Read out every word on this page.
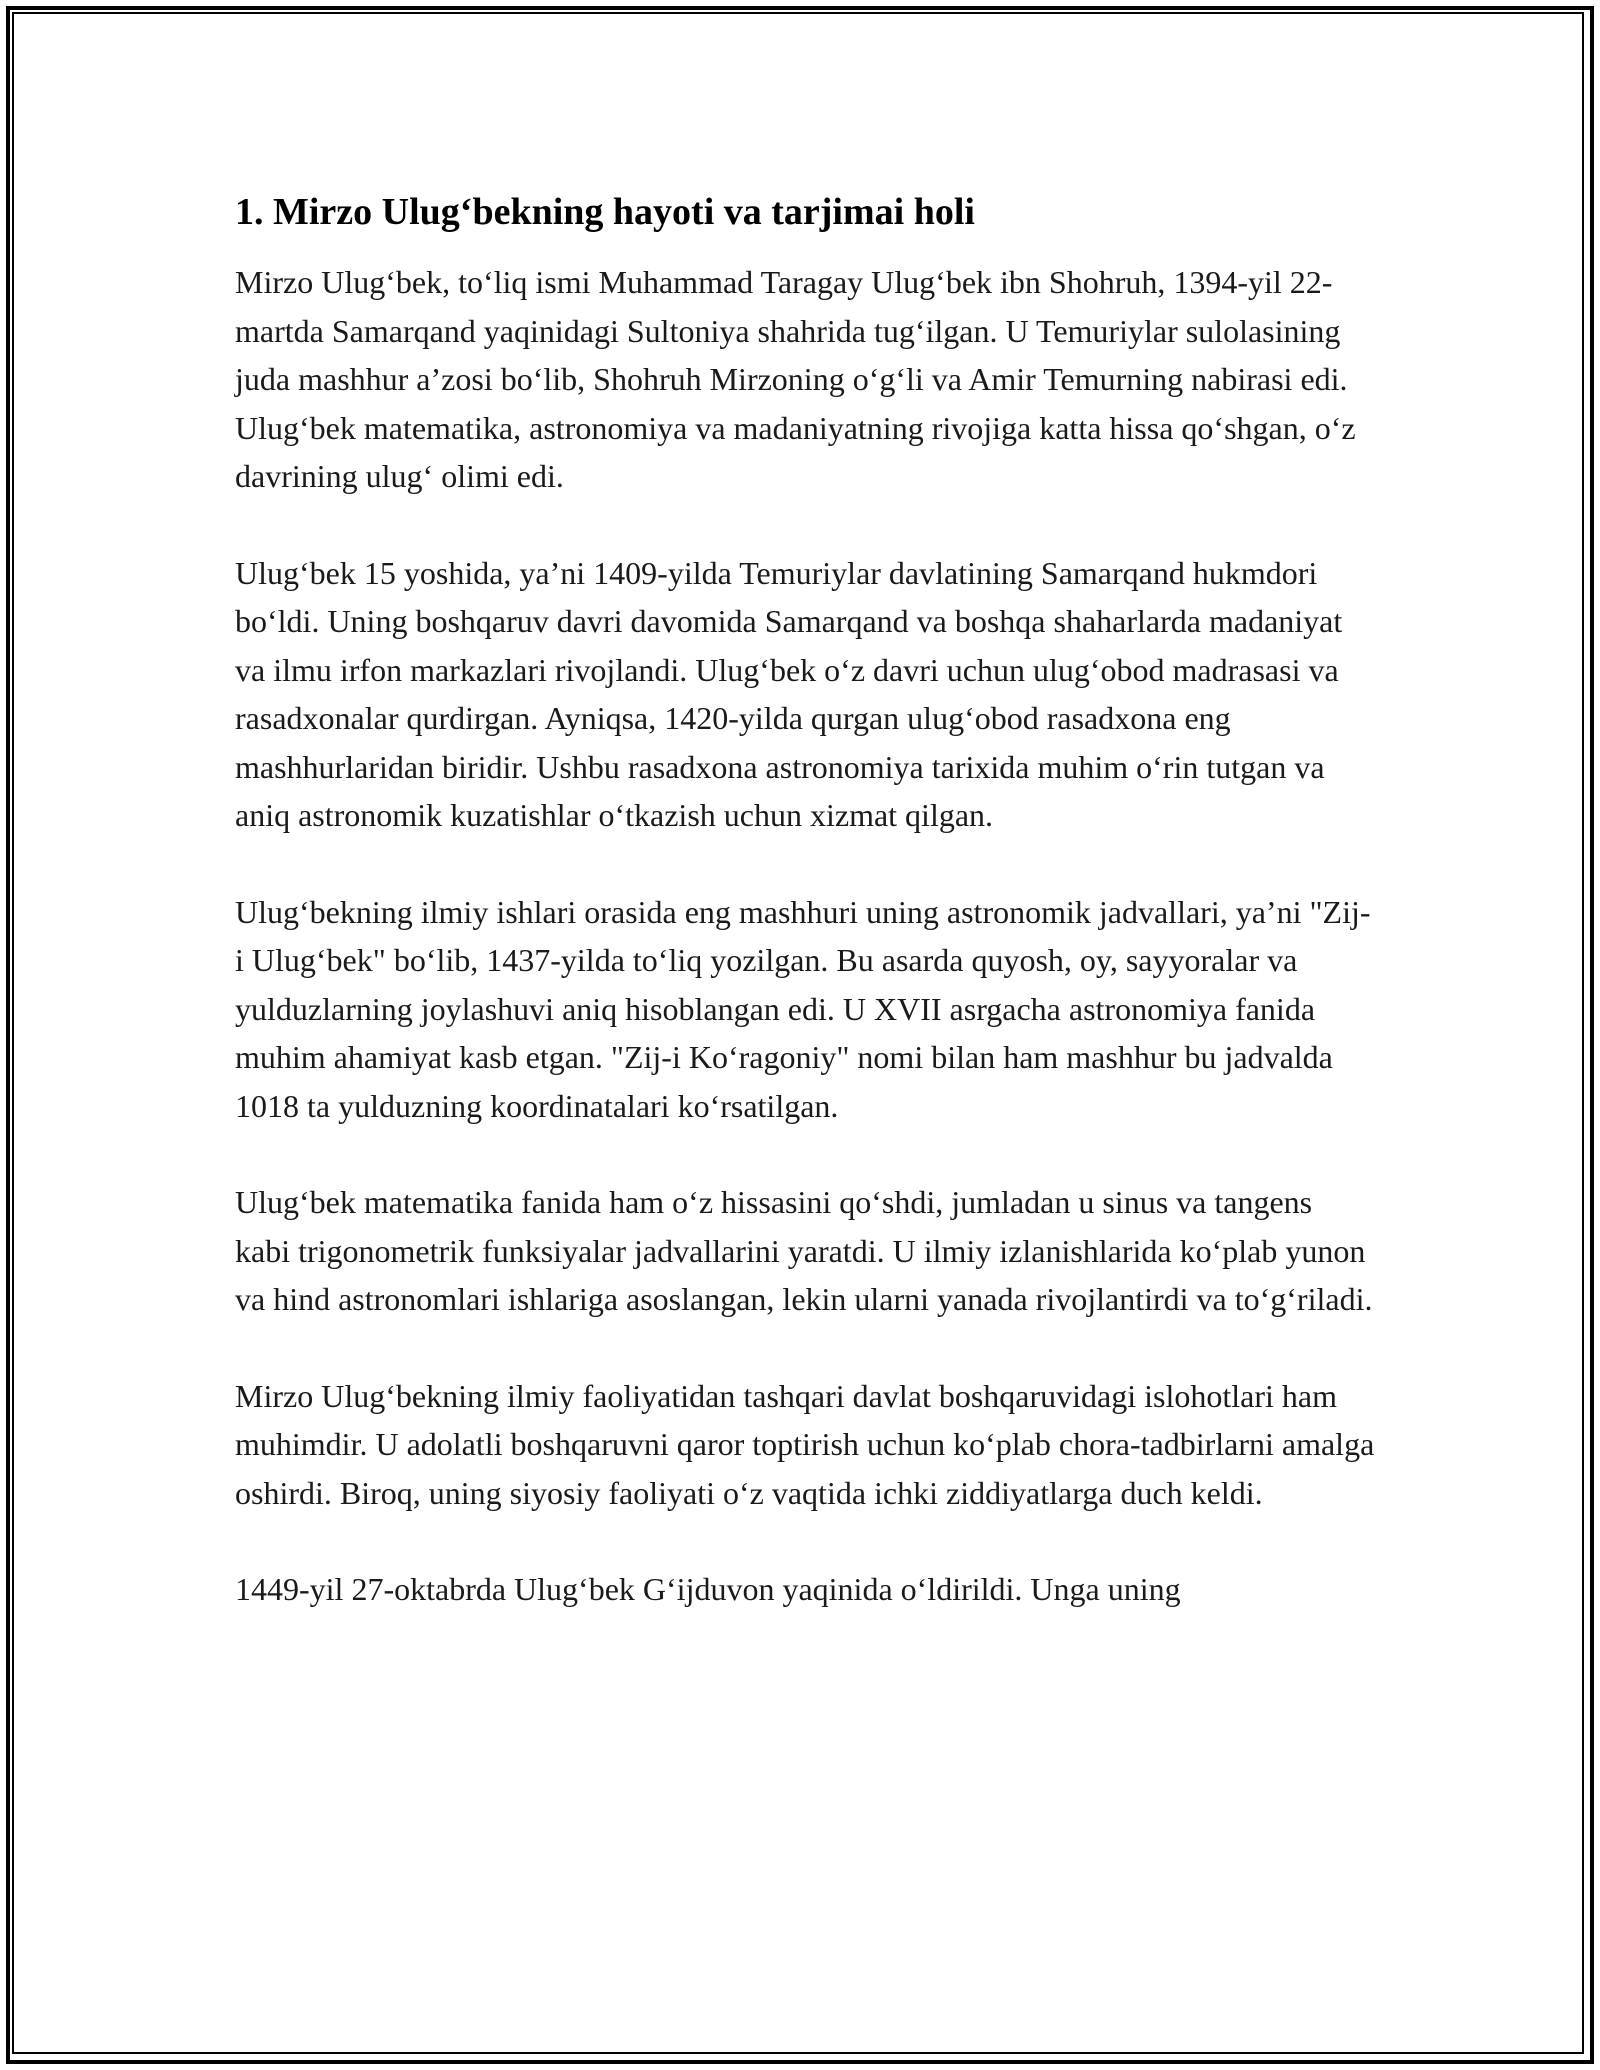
1. Mirzo Ulug‘bekning hayoti va tarjimai holi

Mirzo Ulug‘bek, to‘liq ismi Muhammad Taragay Ulug‘bek ibn Shohruh, 1394-yil 22-martda Samarqand yaqinidagi Sultoniya shahrida tug‘ilgan. U Temuriylar sulolasining juda mashhur a’zosi bo‘lib, Shohruh Mirzoning o‘g‘li va Amir Temurning nabirasi edi. Ulug‘bek matematika, astronomiya va madaniyatning rivojiga katta hissa qo‘shgan, o‘z davrining ulug‘ olimi edi.

Ulug‘bek 15 yoshida, ya’ni 1409-yilda Temuriylar davlatining Samarqand hukmdori bo‘ldi. Uning boshqaruv davri davomida Samarqand va boshqa shaharlarda madaniyat va ilmu irfon markazlari rivojlandi. Ulug‘bek o‘z davri uchun ulug‘obod madrasasi va rasadxonalar qurdirgan. Ayniqsa, 1420-yilda qurgan ulug‘obod rasadxona eng mashhurlaridan biridir. Ushbu rasadxona astronomiya tarixida muhim o‘rin tutgan va aniq astronomik kuzatishlar o‘tkazish uchun xizmat qilgan.

Ulug‘bekning ilmiy ishlari orasida eng mashhuri uning astronomik jadvallari, ya’ni "Zij-i Ulug‘bek" bo‘lib, 1437-yilda to‘liq yozilgan. Bu asarda quyosh, oy, sayyoralar va yulduzlarning joylashuvi aniq hisoblangan edi. U XVII asrgacha astronomiya fanida muhim ahamiyat kasb etgan. "Zij-i Ko‘ragoniy" nomi bilan ham mashhur bu jadvalda 1018 ta yulduzning koordinatalari ko‘rsatilgan.

Ulug‘bek matematika fanida ham o‘z hissasini qo‘shdi, jumladan u sinus va tangens kabi trigonometrik funksiyalar jadvallarini yaratdi. U ilmiy izlanishlarida ko‘plab yunon va hind astronomlari ishlariga asoslangan, lekin ularni yanada rivojlantirdi va to‘g‘riladi.

Mirzo Ulug‘bekning ilmiy faoliyatidan tashqari davlat boshqaruvidagi islohotlari ham muhimdir. U adolatli boshqaruvni qaror toptirish uchun ko‘plab chora-tadbirlarni amalga oshirdi. Biroq, uning siyosiy faoliyati o‘z vaqtida ichki ziddiyatlarga duch keldi.

1449-yil 27-oktabrda Ulug‘bek G‘ijduvon yaqinida o‘ldirildi. Unga uning
